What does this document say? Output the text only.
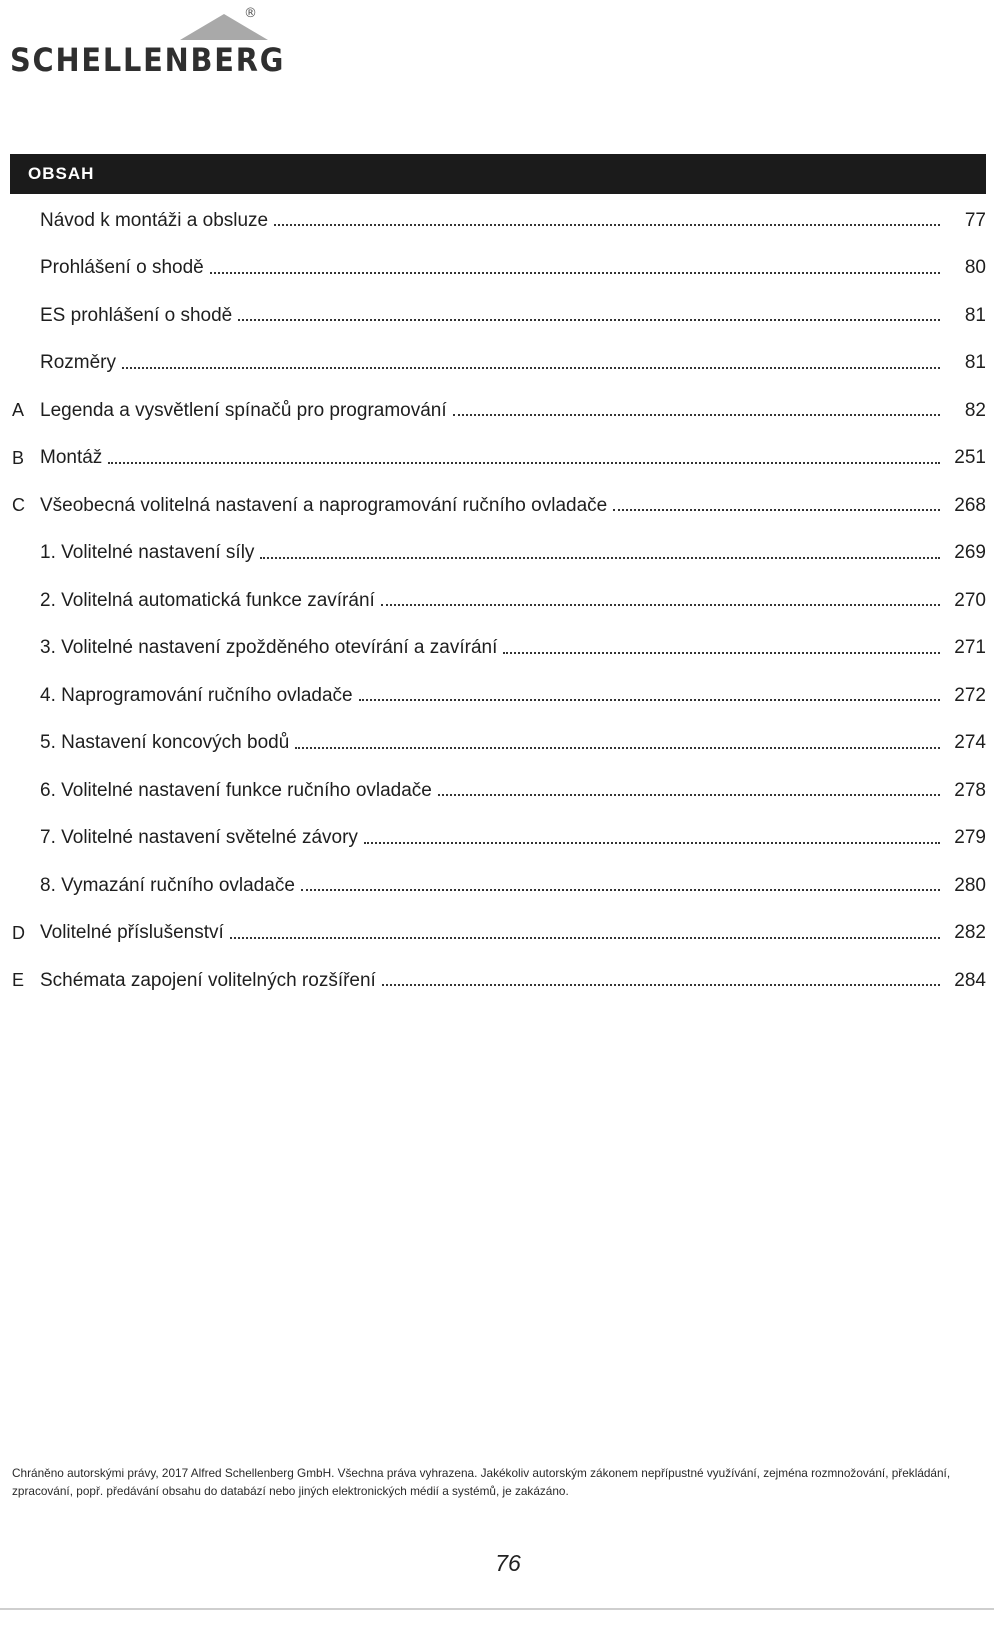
®
SCHELLENBERG
OBSAH
Návod k montáži a obsluze	77
Prohlášení o shodě	80
ES prohlášení o shodě	81
Rozměry	81
A Legenda a vysvětlení spínačů pro programování	82
B Montáž	251
C Všeobecná volitelná nastavení a naprogramování ručního ovladače	268
1. Volitelné nastavení síly	269
2. Volitelná automatická funkce zavírání	270
3. Volitelné nastavení zpožděného otevírání a zavírání	271
4. Naprogramování ručního ovladače	272
5. Nastavení koncových bodů	274
6. Volitelné nastavení funkce ručního ovladače	278
7. Volitelné nastavení světelné závory	279
8. Vymazání ručního ovladače	280
D Volitelné příslušenství	282
E Schémata zapojení volitelných rozšíření	284
Chráněno autorskými právy, 2017 Alfred Schellenberg GmbH. Všechna práva vyhrazena. Jakékoliv autorským zákonem nepřípustné využívání, zejména rozmnožování, překládání, zpracování, popř. předávání obsahu do databází nebo jiných elektronických médií a systémů, je zakázáno.
76
